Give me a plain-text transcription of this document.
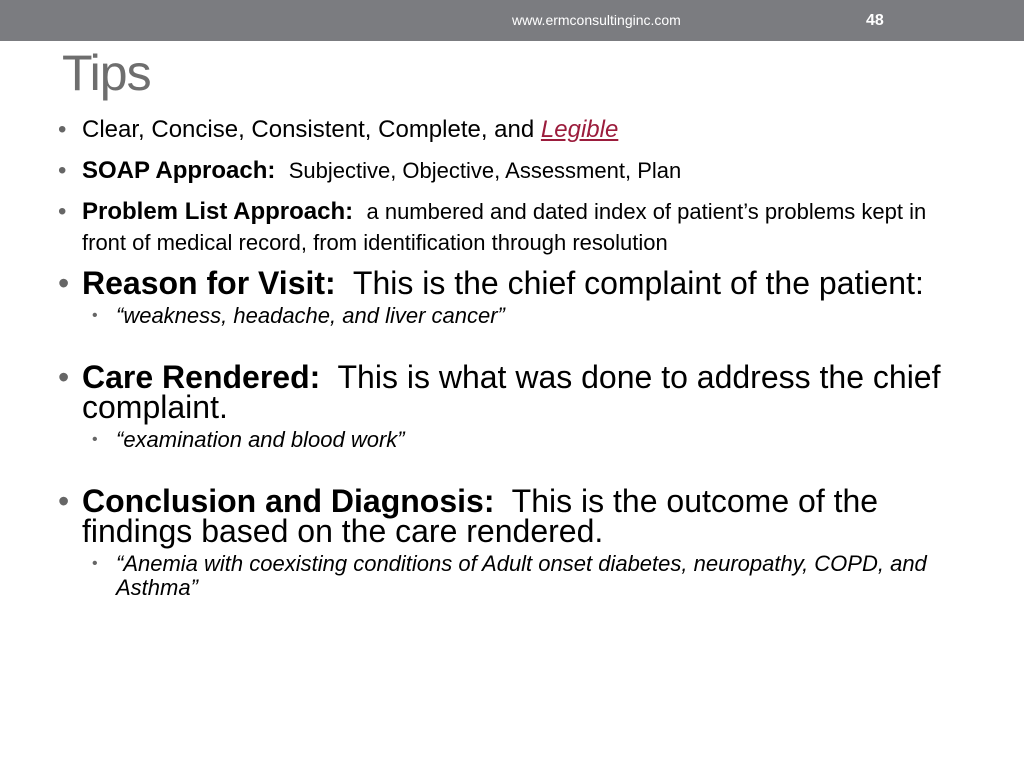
www.ermconsultinginc.com	48
Tips
• Clear, Concise, Consistent, Complete, and Legible
• SOAP Approach: Subjective, Objective, Assessment, Plan
• Problem List Approach: a numbered and dated index of patient’s problems kept in front of medical record, from identification through resolution
• Reason for Visit: This is the chief complaint of the patient:
• “weakness, headache, and liver cancer”
• Care Rendered: This is what was done to address the chief complaint.
• “examination and blood work”
• Conclusion and Diagnosis: This is the outcome of the findings based on the care rendered.
• “Anemia with coexisting conditions of Adult onset diabetes, neuropathy, COPD, and Asthma”
